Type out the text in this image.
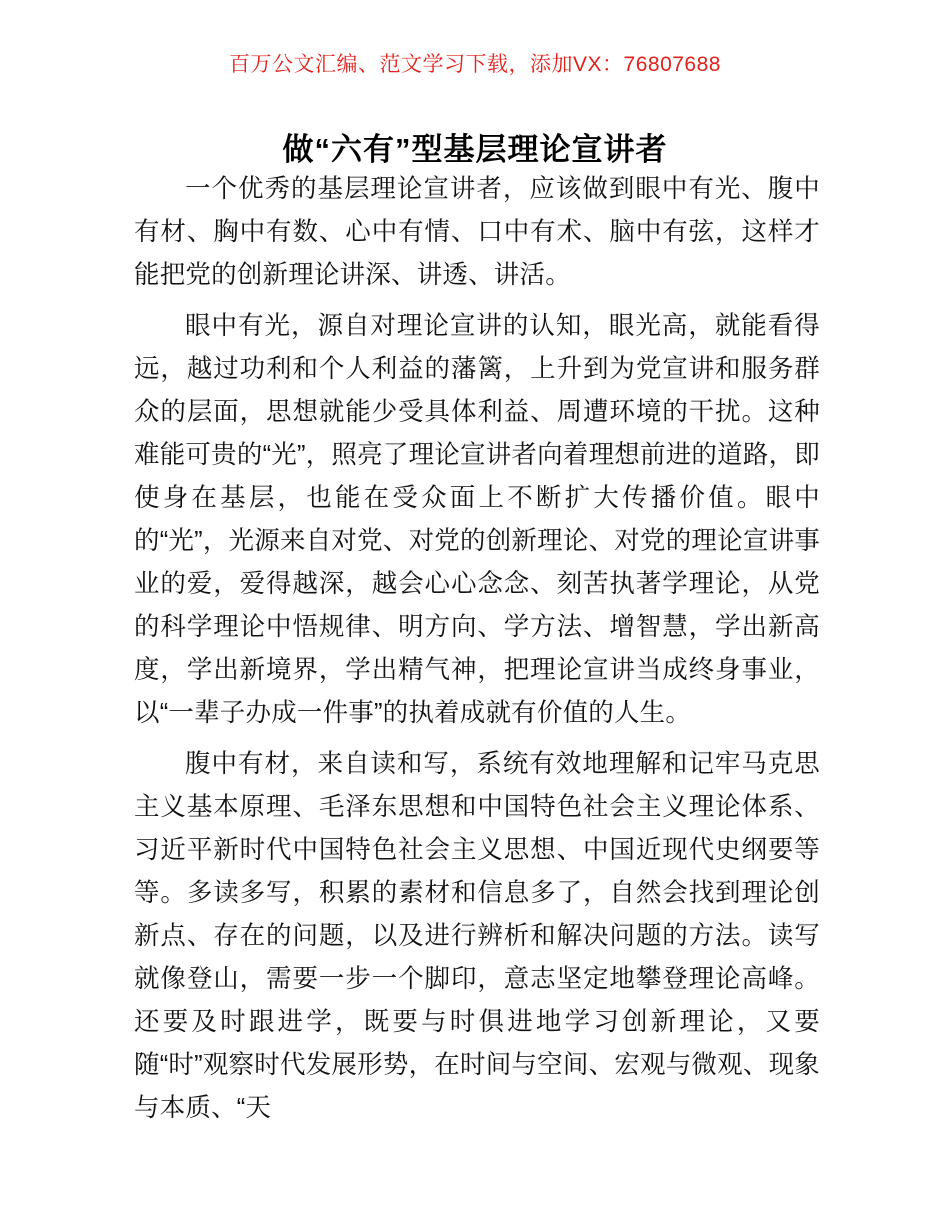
百万公文汇编、范文学习下载，添加VX：76807688
做“六有”型基层理论宣讲者

一个优秀的基层理论宣讲者，应该做到眼中有光、腹中有材、胸中有数、心中有情、口中有术、脑中有弦，这样才能把党的创新理论讲深、讲透、讲活。

眼中有光，源自对理论宣讲的认知，眼光高，就能看得远，越过功利和个人利益的藩篱，上升到为党宣讲和服务群众的层面，思想就能少受具体利益、周遭环境的干扰。这种难能可贵的“光”，照亮了理论宣讲者向着理想前进的道路，即使身在基层，也能在受众面上不断扩大传播价值。眼中的“光”，光源来自对党、对党的创新理论、对党的理论宣讲事业的爱，爱得越深，越会心心念念、刻苦执著学理论，从党的科学理论中悟规律、明方向、学方法、增智慧，学出新高度，学出新境界，学出精气神，把理论宣讲当成终身事业，以“一辈子办成一件事”的执着成就有价值的人生。

腹中有材，来自读和写，系统有效地理解和记牢马克思主义基本原理、毛泽东思想和中国特色社会主义理论体系、习近平新时代中国特色社会主义思想、中国近现代史纲要等等。多读多写，积累的素材和信息多了，自然会找到理论创新点、存在的问题，以及进行辨析和解决问题的方法。读写就像登山，需要一步一个脚印，意志坚定地攀登理论高峰。还要及时跟进学，既要与时俱进地学习创新理论，又要随“时”观察时代发展形势，在时间与空间、宏观与微观、现象与本质、“天
